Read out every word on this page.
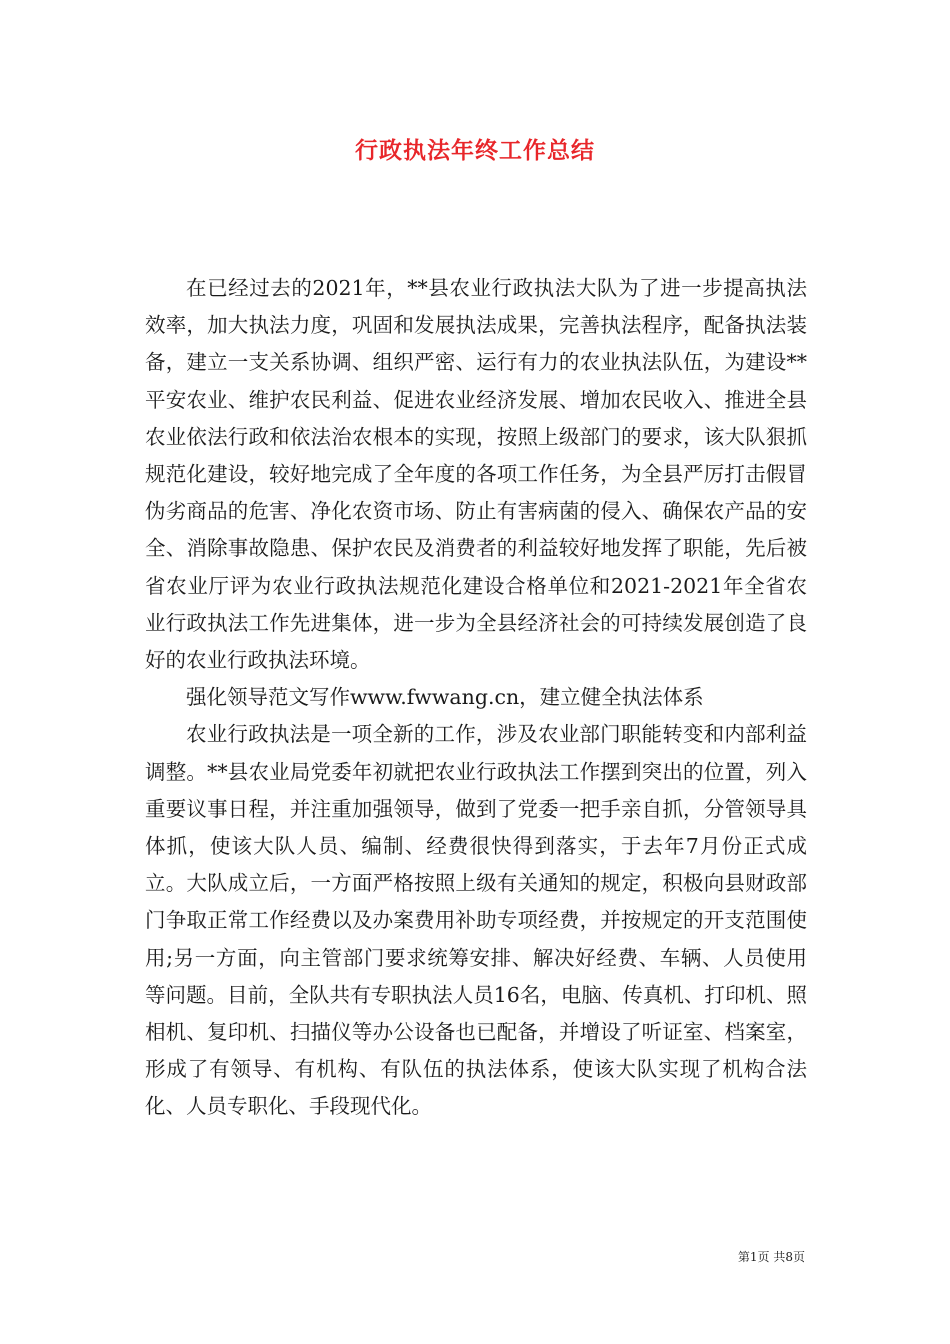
行政执法年终工作总结

在已经过去的2021年，**县农业行政执法大队为了进一步提高执法效率，加大执法力度，巩固和发展执法成果，完善执法程序，配备执法装备，建立一支关系协调、组织严密、运行有力的农业执法队伍，为建设**平安农业、维护农民利益、促进农业经济发展、增加农民收入、推进全县农业依法行政和依法治农根本的实现，按照上级部门的要求，该大队狠抓规范化建设，较好地完成了全年度的各项工作任务，为全县严厉打击假冒伪劣商品的危害、净化农资市场、防止有害病菌的侵入、确保农产品的安全、消除事故隐患、保护农民及消费者的利益较好地发挥了职能，先后被省农业厅评为农业行政执法规范化建设合格单位和2021-2021年全省农业行政执法工作先进集体，进一步为全县经济社会的可持续发展创造了良好的农业行政执法环境。

强化领导范文写作www.fwwang.cn，建立健全执法体系

农业行政执法是一项全新的工作，涉及农业部门职能转变和内部利益调整。**县农业局党委年初就把农业行政执法工作摆到突出的位置，列入重要议事日程，并注重加强领导，做到了党委一把手亲自抓，分管领导具体抓，使该大队人员、编制、经费很快得到落实，于去年7月份正式成立。大队成立后，一方面严格按照上级有关通知的规定，积极向县财政部门争取正常工作经费以及办案费用补助专项经费，并按规定的开支范围使用;另一方面，向主管部门要求统筹安排、解决好经费、车辆、人员使用等问题。目前，全队共有专职执法人员16名，电脑、传真机、打印机、照相机、复印机、扫描仪等办公设备也已配备，并增设了听证室、档案室，形成了有领导、有机构、有队伍的执法体系，使该大队实现了机构合法化、人员专职化、手段现代化。

第1页 共8页
